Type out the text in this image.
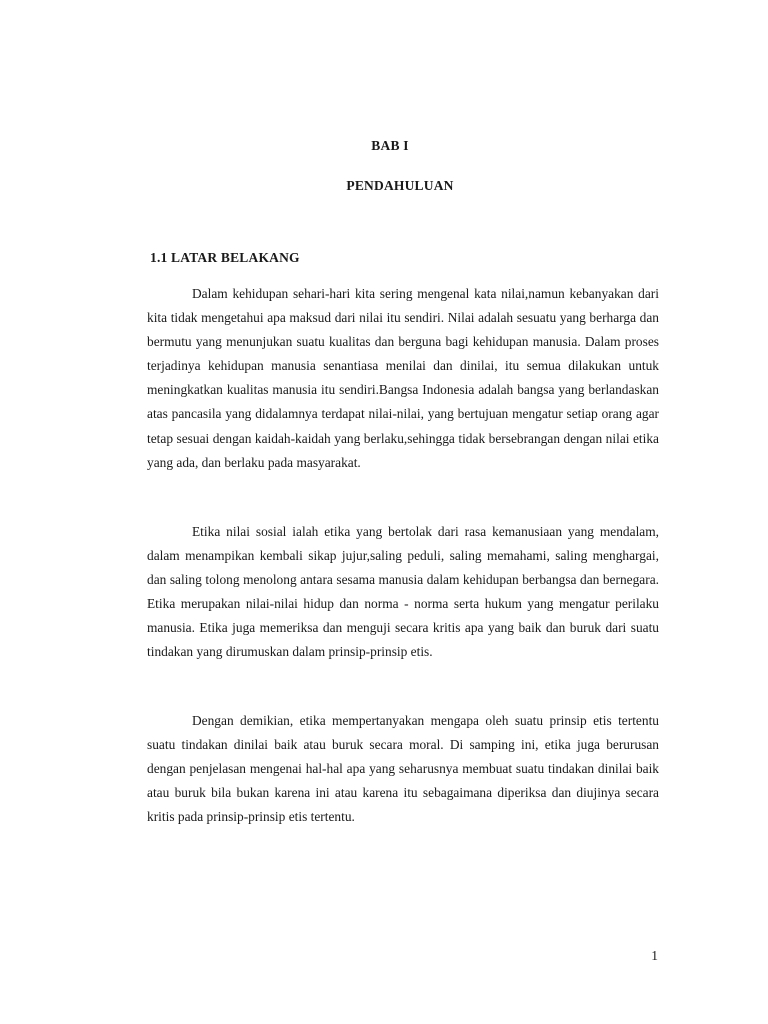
BAB I
PENDAHULUAN
1.1 LATAR BELAKANG

Dalam kehidupan sehari-hari kita sering mengenal kata nilai,namun kebanyakan dari kita tidak mengetahui apa maksud dari nilai itu sendiri. Nilai adalah sesuatu yang berharga dan bermutu yang menunjukan suatu kualitas dan berguna bagi kehidupan manusia. Dalam proses terjadinya kehidupan manusia senantiasa menilai dan dinilai, itu semua dilakukan untuk meningkatkan kualitas manusia itu sendiri.Bangsa Indonesia adalah bangsa yang berlandaskan atas pancasila yang didalamnya terdapat nilai-nilai, yang bertujuan mengatur setiap orang agar tetap sesuai dengan kaidah-kaidah yang berlaku,sehingga tidak bersebrangan dengan nilai etika yang ada, dan berlaku pada masyarakat.

Etika nilai sosial ialah etika yang bertolak dari rasa kemanusiaan yang mendalam, dalam menampikan kembali sikap jujur,saling peduli, saling memahami, saling menghargai, dan saling tolong menolong antara sesama manusia dalam kehidupan berbangsa dan bernegara. Etika merupakan nilai-nilai hidup dan norma - norma serta hukum yang mengatur perilaku manusia. Etika juga memeriksa dan menguji secara kritis apa yang baik dan buruk dari suatu tindakan yang dirumuskan dalam prinsip-prinsip etis.

Dengan demikian, etika mempertanyakan mengapa oleh suatu prinsip etis tertentu suatu tindakan dinilai baik atau buruk secara moral. Di samping ini, etika juga berurusan dengan penjelasan mengenai hal-hal apa yang seharusnya membuat suatu tindakan dinilai baik atau buruk bila bukan karena ini atau karena itu sebagaimana diperiksa dan diujinya secara kritis pada prinsip-prinsip etis tertentu.

1
